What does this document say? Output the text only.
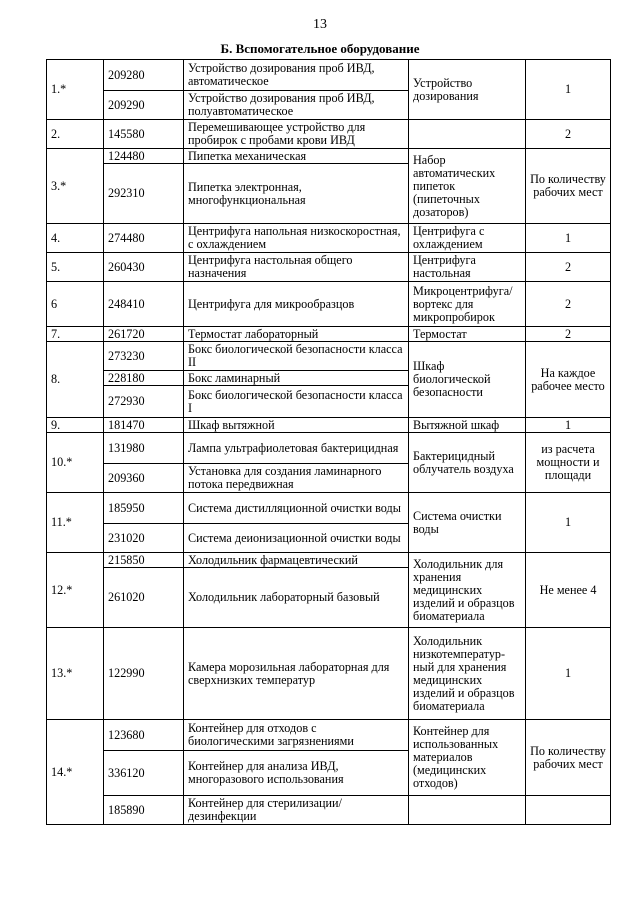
13
Б. Вспомогательное оборудование
1.*	209280	Устройство дозирования проб ИВД, автоматическое	Устройство дозирования	1
	209290	Устройство дозирования проб ИВД, полуавтоматическое		
2.	145580	Перемешивающее устройство для пробирок с пробами крови ИВД		2
3.*	124480	Пипетка механическая	Набор автоматических пипеток (пипеточных дозаторов)	По количеству рабочих мест
	292310	Пипетка электронная, многофункциональная		
4.	274480	Центрифуга напольная низкоскоростная, с охлаждением	Центрифуга с охлаждением	1
5.	260430	Центрифуга настольная общего назначения	Центрифуга настольная	2
6	248410	Центрифуга для микрообразцов	Микроцентрифуга/ вортекс для микропробирок	2
7.	261720	Термостат лабораторный	Термостат	2
8.	273230	Бокс биологической безопасности класса II	Шкаф биологической безопасности	На каждое рабочее место
	228180	Бокс ламинарный		
	272930	Бокс биологической безопасности класса I		
9.	181470	Шкаф вытяжной	Вытяжной шкаф	1
10.*	131980	Лампа ультрафиолетовая бактерицидная	Бактерицидный облучатель воздуха	из расчета мощности и площади
	209360	Установка для создания ламинарного потока передвижная		
11.*	185950	Система дистилляционной очистки воды	Система очистки воды	1
	231020	Система деионизационной очистки воды		
12.*	215850	Холодильник фармацевтический	Холодильник для хранения медицинских изделий и образцов биоматериала	Не менее 4
	261020	Холодильник лабораторный базовый		
13.*	122990	Камера морозильная лабораторная для сверхнизких температур	Холодильник низкотемператур-ный для хранения медицинских изделий и образцов биоматериала	1
14.*	123680	Контейнер для отходов с биологическими загрязнениями	Контейнер для использованных материалов (медицинских отходов)	По количеству рабочих мест
	336120	Контейнер для анализа ИВД, многоразового использования		
	185890	Контейнер для стерилизации/дезинфекции		
